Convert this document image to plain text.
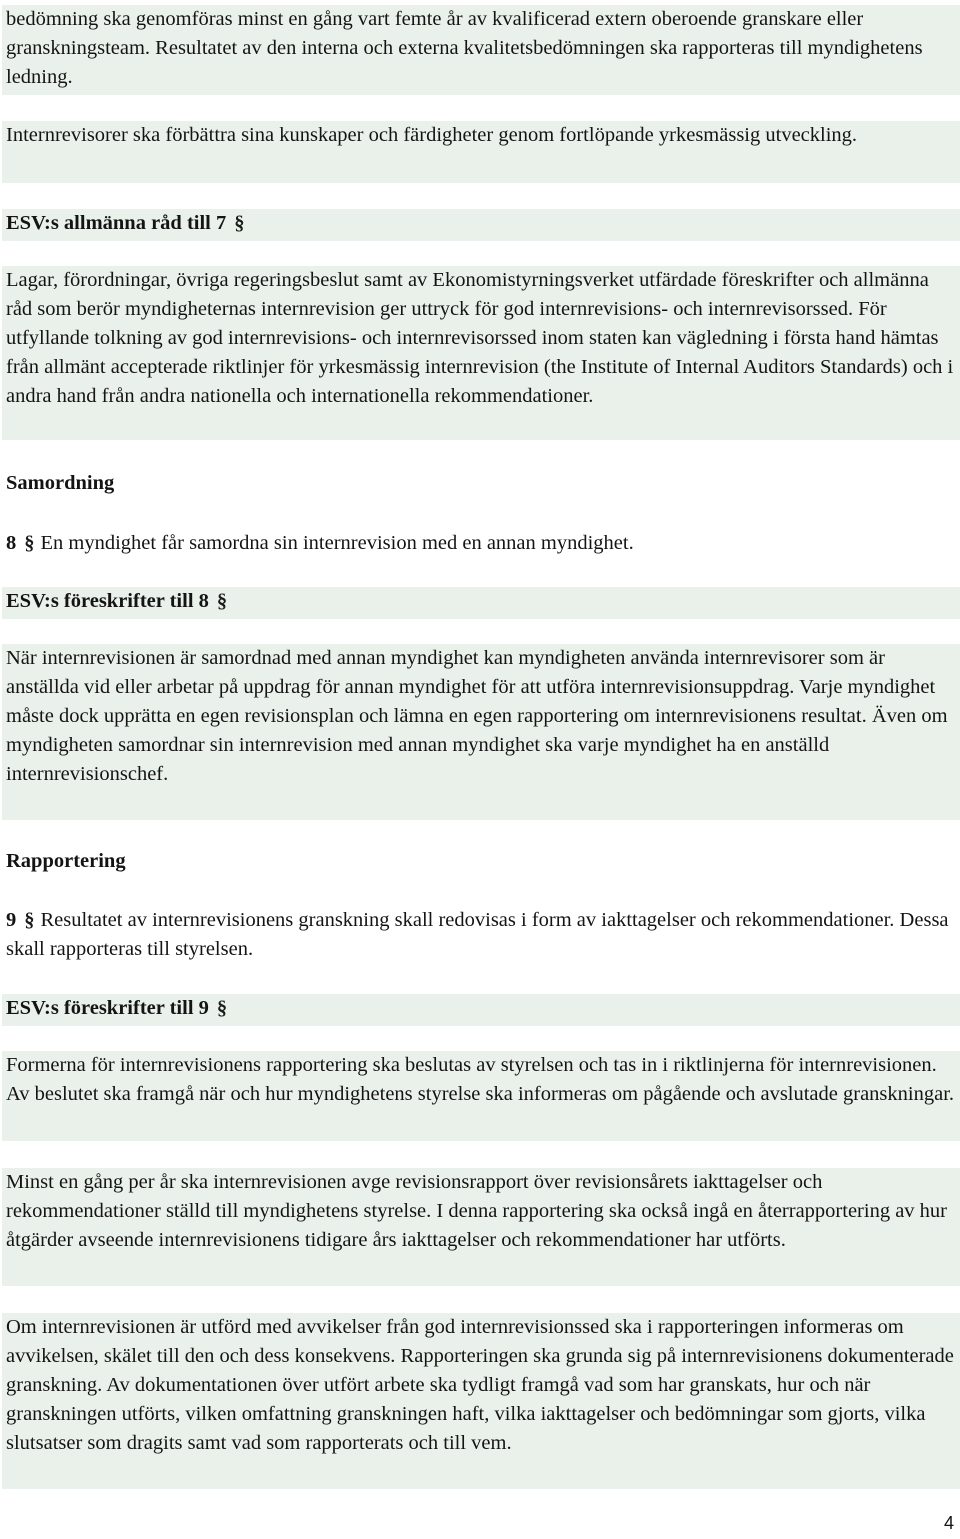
bedömning ska genomföras minst en gång vart femte år av kvalificerad extern oberoende granskare eller granskningsteam. Resultatet av den interna och externa kvalitetsbedömningen ska rapporteras till myndighetens ledning.

Internrevisorer ska förbättra sina kunskaper och färdigheter genom fortlöpande yrkesmässig utveckling.

ESV:s allmänna råd till 7 §

Lagar, förordningar, övriga regeringsbeslut samt av Ekonomistyrningsverket utfärdade föreskrifter och allmänna råd som berör myndigheternas internrevision ger uttryck för god internrevisions- och internrevisorssed. För utfyllande tolkning av god internrevisions- och internrevisorssed inom staten kan vägledning i första hand hämtas från allmänt accepterade riktlinjer för yrkesmässig internrevision (the Institute of Internal Auditors Standards) och i andra hand från andra nationella och internationella rekommendationer.

Samordning

8 § En myndighet får samordna sin internrevision med en annan myndighet.

ESV:s föreskrifter till 8 §

När internrevisionen är samordnad med annan myndighet kan myndigheten använda internrevisorer som är anställda vid eller arbetar på uppdrag för annan myndighet för att utföra internrevisionsuppdrag. Varje myndighet måste dock upprätta en egen revisionsplan och lämna en egen rapportering om internrevisionens resultat. Även om myndigheten samordnar sin internrevision med annan myndighet ska varje myndighet ha en anställd internrevisionschef.

Rapportering

9 § Resultatet av internrevisionens granskning skall redovisas i form av iakttagelser och rekommendationer. Dessa skall rapporteras till styrelsen.

ESV:s föreskrifter till 9 §

Formerna för internrevisionens rapportering ska beslutas av styrelsen och tas in i riktlinjerna för internrevisionen. Av beslutet ska framgå när och hur myndighetens styrelse ska informeras om pågående och avslutade granskningar.

Minst en gång per år ska internrevisionen avge revisionsrapport över revisionsårets iakttagelser och rekommendationer ställd till myndighetens styrelse. I denna rapportering ska också ingå en återrapportering av hur åtgärder avseende internrevisionens tidigare års iakttagelser och rekommendationer har utförts.

Om internrevisionen är utförd med avvikelser från god internrevisionssed ska i rapporteringen informeras om avvikelsen, skälet till den och dess konsekvens. Rapporteringen ska grunda sig på internrevisionens dokumenterade granskning. Av dokumentationen över utfört arbete ska tydligt framgå vad som har granskats, hur och när granskningen utförts, vilken omfattning granskningen haft, vilka iakttagelser och bedömningar som gjorts, vilka slutsatser som dragits samt vad som rapporterats och till vem.

4
